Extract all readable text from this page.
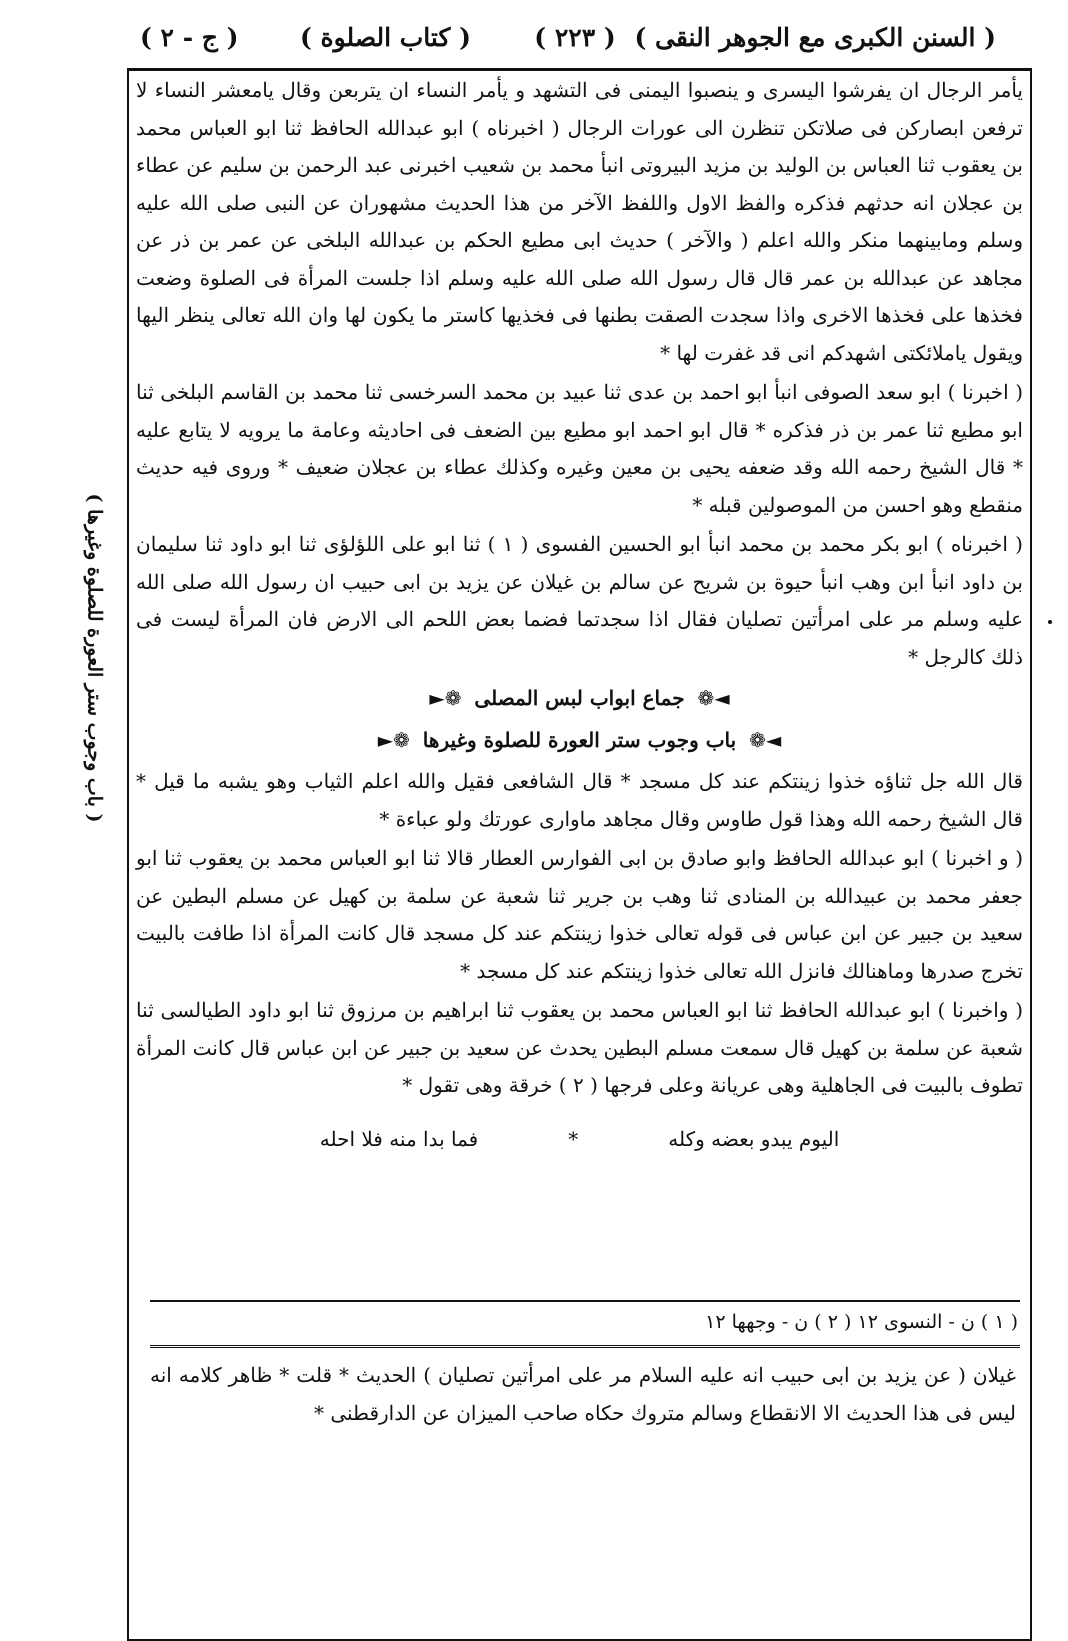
( السنن الكبرى مع الجوهر النقى )
( ٢٢٣ )
( كتاب الصلوة )
( ج - ٢ )
( باب وجوب ستر العورة للصلوة وغيرها )

يأمر الرجال ان يفرشوا اليسرى و ينصبوا اليمنى فى التشهد و يأمر النساء ان يتربعن وقال يامعشر النساء لا ترفعن ابصاركن فى صلاتكن تنظرن الى عورات الرجال ( اخبرناه ) ابو عبدالله الحافظ ثنا ابو العباس محمد بن يعقوب ثنا العباس بن الوليد بن مزيد البيروتى انبأ محمد بن شعيب اخبرنى عبد الرحمن بن سليم عن عطاء بن عجلان انه حدثهم فذكره والفظ الاول واللفظ الآخر من هذا الحديث مشهوران عن النبى صلى الله عليه وسلم ومابينهما منكر والله اعلم ( والآخر ) حديث ابى مطيع الحكم بن عبدالله البلخى عن عمر بن ذر عن مجاهد عن عبدالله بن عمر قال قال رسول الله صلى الله عليه وسلم اذا جلست المرأة فى الصلوة وضعت فخذها على فخذها الاخرى واذا سجدت الصقت بطنها فى فخذيها كاستر ما يكون لها وان الله تعالى ينظر اليها ويقول ياملائكتى اشهدكم انى قد غفرت لها *

( اخبرنا ) ابو سعد الصوفى انبأ ابو احمد بن عدى ثنا عبيد بن محمد السرخسى ثنا محمد بن القاسم البلخى ثنا ابو مطيع ثنا عمر بن ذر فذكره * قال ابو احمد ابو مطيع بين الضعف فى احاديثه وعامة ما يرويه لا يتابع عليه * قال الشيخ رحمه الله وقد ضعفه يحيى بن معين وغيره وكذلك عطاء بن عجلان ضعيف * وروى فيه حديث منقطع وهو احسن من الموصولين قبله *

( اخبرناه ) ابو بكر محمد بن محمد انبأ ابو الحسين الفسوى ( ١ ) ثنا ابو على اللؤلؤى ثنا ابو داود ثنا سليمان بن داود انبأ ابن وهب انبأ حيوة بن شريح عن سالم بن غيلان عن يزيد بن ابى حبيب ان رسول الله صلى الله عليه وسلم مر على امرأتين تصليان فقال اذا سجدتما فضما بعض اللحم الى الارض فان المرأة ليست فى ذلك كالرجل *

◄❁ جماع ابواب لبس المصلى ❁►
◄❁ باب وجوب ستر العورة للصلوة وغيرها ❁►

قال الله جل ثناؤه خذوا زينتكم عند كل مسجد * قال الشافعى فقيل والله اعلم الثياب وهو يشبه ما قيل * قال الشيخ رحمه الله وهذا قول طاوس وقال مجاهد ماوارى عورتك ولو عباءة *

( و اخبرنا ) ابو عبدالله الحافظ وابو صادق بن ابى الفوارس العطار قالا ثنا ابو العباس محمد بن يعقوب ثنا ابو جعفر محمد بن عبيدالله بن المنادى ثنا وهب بن جرير ثنا شعبة عن سلمة بن كهيل عن مسلم البطين عن سعيد بن جبير عن ابن عباس فى قوله تعالى خذوا زينتكم عند كل مسجد قال كانت المرأة اذا طافت بالبيت تخرج صدرها وماهنالك فانزل الله تعالى خذوا زينتكم عند كل مسجد *

( واخبرنا ) ابو عبدالله الحافظ ثنا ابو العباس محمد بن يعقوب ثنا ابراهيم بن مرزوق ثنا ابو داود الطيالسى ثنا شعبة عن سلمة بن كهيل قال سمعت مسلم البطين يحدث عن سعيد بن جبير عن ابن عباس قال كانت المرأة تطوف بالبيت فى الجاهلية وهى عريانة وعلى فرجها ( ٢ ) خرقة وهى تقول *

اليوم يبدو بعضه وكله
*
فما بدا منه فلا احله
( ١ ) ن - النسوى ١٢ ( ٢ ) ن - وجهها ١٢
غيلان ( عن يزيد بن ابى حبيب انه عليه السلام مر على امرأتين تصليان ) الحديث * قلت * ظاهر كلامه انه ليس فى هذا الحديث الا الانقطاع وسالم متروك حكاه صاحب الميزان عن الدارقطنى *
